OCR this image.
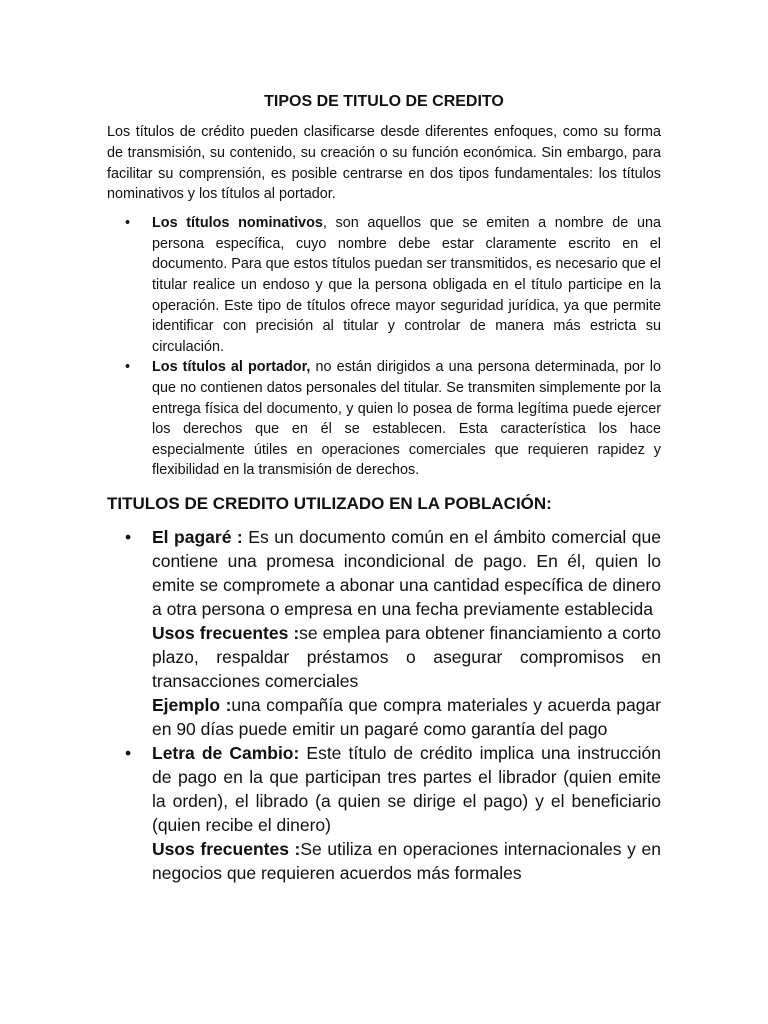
TIPOS DE TITULO DE CREDITO

Los títulos de crédito pueden clasificarse desde diferentes enfoques, como su forma de transmisión, su contenido, su creación o su función económica. Sin embargo, para facilitar su comprensión, es posible centrarse en dos tipos fundamentales: los títulos nominativos y los títulos al portador.

• Los títulos nominativos, son aquellos que se emiten a nombre de una persona específica, cuyo nombre debe estar claramente escrito en el documento. Para que estos títulos puedan ser transmitidos, es necesario que el titular realice un endoso y que la persona obligada en el título participe en la operación. Este tipo de títulos ofrece mayor seguridad jurídica, ya que permite identificar con precisión al titular y controlar de manera más estricta su circulación.
• Los títulos al portador, no están dirigidos a una persona determinada, por lo que no contienen datos personales del titular. Se transmiten simplemente por la entrega física del documento, y quien lo posea de forma legítima puede ejercer los derechos que en él se establecen. Esta característica los hace especialmente útiles en operaciones comerciales que requieren rapidez y flexibilidad en la transmisión de derechos.
TITULOS DE CREDITO UTILIZADO EN LA POBLACIÓN:
• El pagaré : Es un documento común en el ámbito comercial que contiene una promesa incondicional de pago. En él, quien lo emite se compromete a abonar una cantidad específica de dinero a otra persona o empresa en una fecha previamente establecida
Usos frecuentes :se emplea para obtener financiamiento a corto plazo, respaldar préstamos o asegurar compromisos en transacciones comerciales
Ejemplo :una compañía que compra materiales y acuerda pagar en 90 días puede emitir un pagaré como garantía del pago
• Letra de Cambio: Este título de crédito implica una instrucción de pago en la que participan tres partes el librador (quien emite la orden), el librado (a quien se dirige el pago) y el beneficiario (quien recibe el dinero)
Usos frecuentes :Se utiliza en operaciones internacionales y en negocios que requieren acuerdos más formales
